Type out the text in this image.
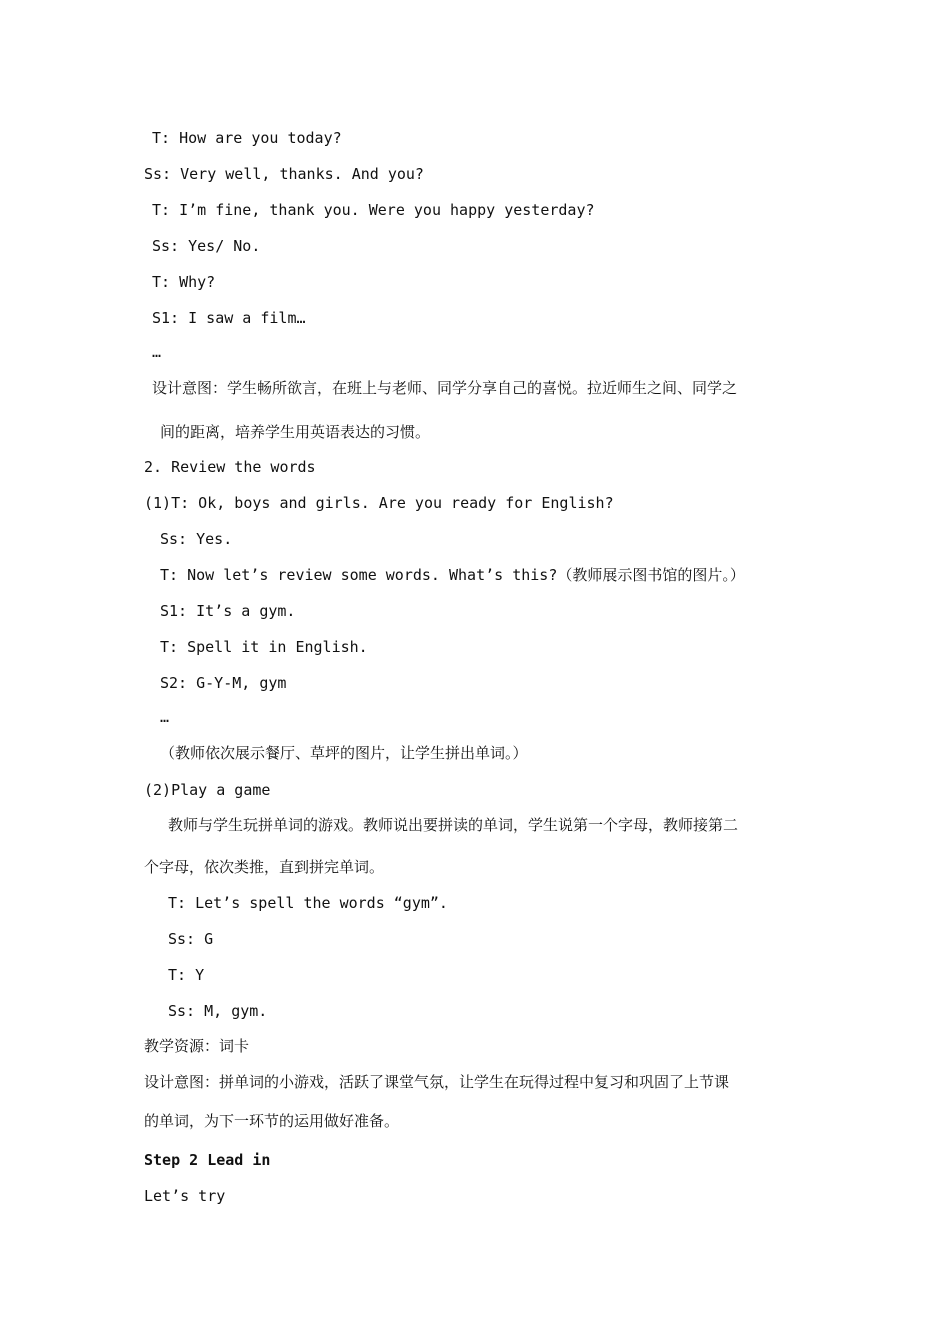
T: How are you today?
Ss: Very well, thanks. And you?
T: I’m fine, thank you. Were you happy yesterday?
Ss: Yes/ No.
T: Why?
S1: I saw a film…
…
设计意图：学生畅所欲言，在班上与老师、同学分享自己的喜悦。拉近师生之间、同学之
间的距离，培养学生用英语表达的习惯。
2. Review the words
(1)T: Ok, boys and girls. Are you ready for English?
Ss: Yes.
T: Now let’s review some words. What’s this?（教师展示图书馆的图片。）
S1: It’s a gym.
T: Spell it in English.
S2: G-Y-M, gym
…
（教师依次展示餐厅、草坪的图片，让学生拼出单词。）
(2)Play a game
教师与学生玩拼单词的游戏。教师说出要拼读的单词，学生说第一个字母，教师接第二
个字母，依次类推，直到拼完单词。
T: Let’s spell the words “gym”.
Ss: G
T: Y
Ss: M, gym.
教学资源：词卡
设计意图：拼单词的小游戏，活跃了课堂气氛，让学生在玩得过程中复习和巩固了上节课
的单词，为下一环节的运用做好准备。
Step 2 Lead in
Let’s try
